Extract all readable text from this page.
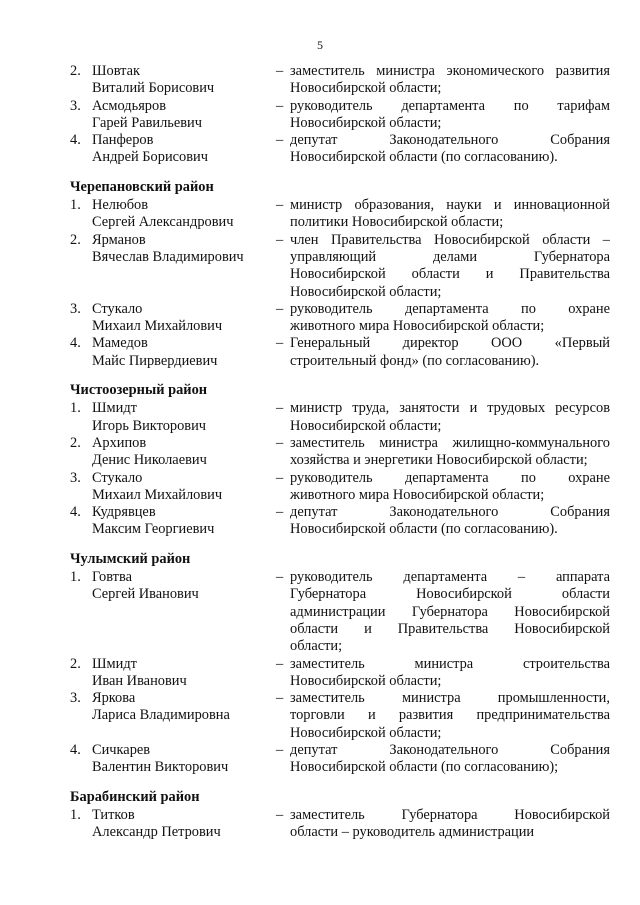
5
2. Шовтак
Виталий Борисович
– заместитель министра экономического развития
Новосибирской области;
3. Асмодьяров
Гарей Равильевич
– руководитель департамента по тарифам
Новосибирской области;
4. Панферов
Андрей Борисович
– депутат Законодательного Собрания
Новосибирской области (по согласованию).
Черепановский район
1. Нелюбов
Сергей Александрович
– министр образования, науки и инновационной
политики Новосибирской области;
2. Ярманов
Вячеслав Владимирович
– член Правительства Новосибирской области –
управляющий делами Губернатора
Новосибирской области и Правительства
Новосибирской области;
3. Стукало
Михаил Михайлович
– руководитель департамента по охране
животного мира Новосибирской области;
4. Мамедов
Майс Пирвердиевич
– Генеральный директор ООО «Первый
строительный фонд» (по согласованию).
Чистоозерный район
1. Шмидт
Игорь Викторович
– министр труда, занятости и трудовых ресурсов
Новосибирской области;
2. Архипов
Денис Николаевич
– заместитель министра жилищно-коммунального
хозяйства и энергетики Новосибирской области;
3. Стукало
Михаил Михайлович
– руководитель департамента по охране
животного мира Новосибирской области;
4. Кудрявцев
Максим Георгиевич
– депутат Законодательного Собрания
Новосибирской области (по согласованию).
Чулымский район
1. Говтва
Сергей Иванович
– руководитель департамента – аппарата
Губернатора Новосибирской области
администрации Губернатора Новосибирской
области и Правительства Новосибирской
области;
2. Шмидт
Иван Иванович
– заместитель министра строительства
Новосибирской области;
3. Яркова
Лариса Владимировна
– заместитель министра промышленности,
торговли и развития предпринимательства
Новосибирской области;
4. Сичкарев
Валентин Викторович
– депутат Законодательного Собрания
Новосибирской области (по согласованию);
Барабинский район
1. Титков
Александр Петрович
– заместитель Губернатора Новосибирской
области – руководитель администрации
